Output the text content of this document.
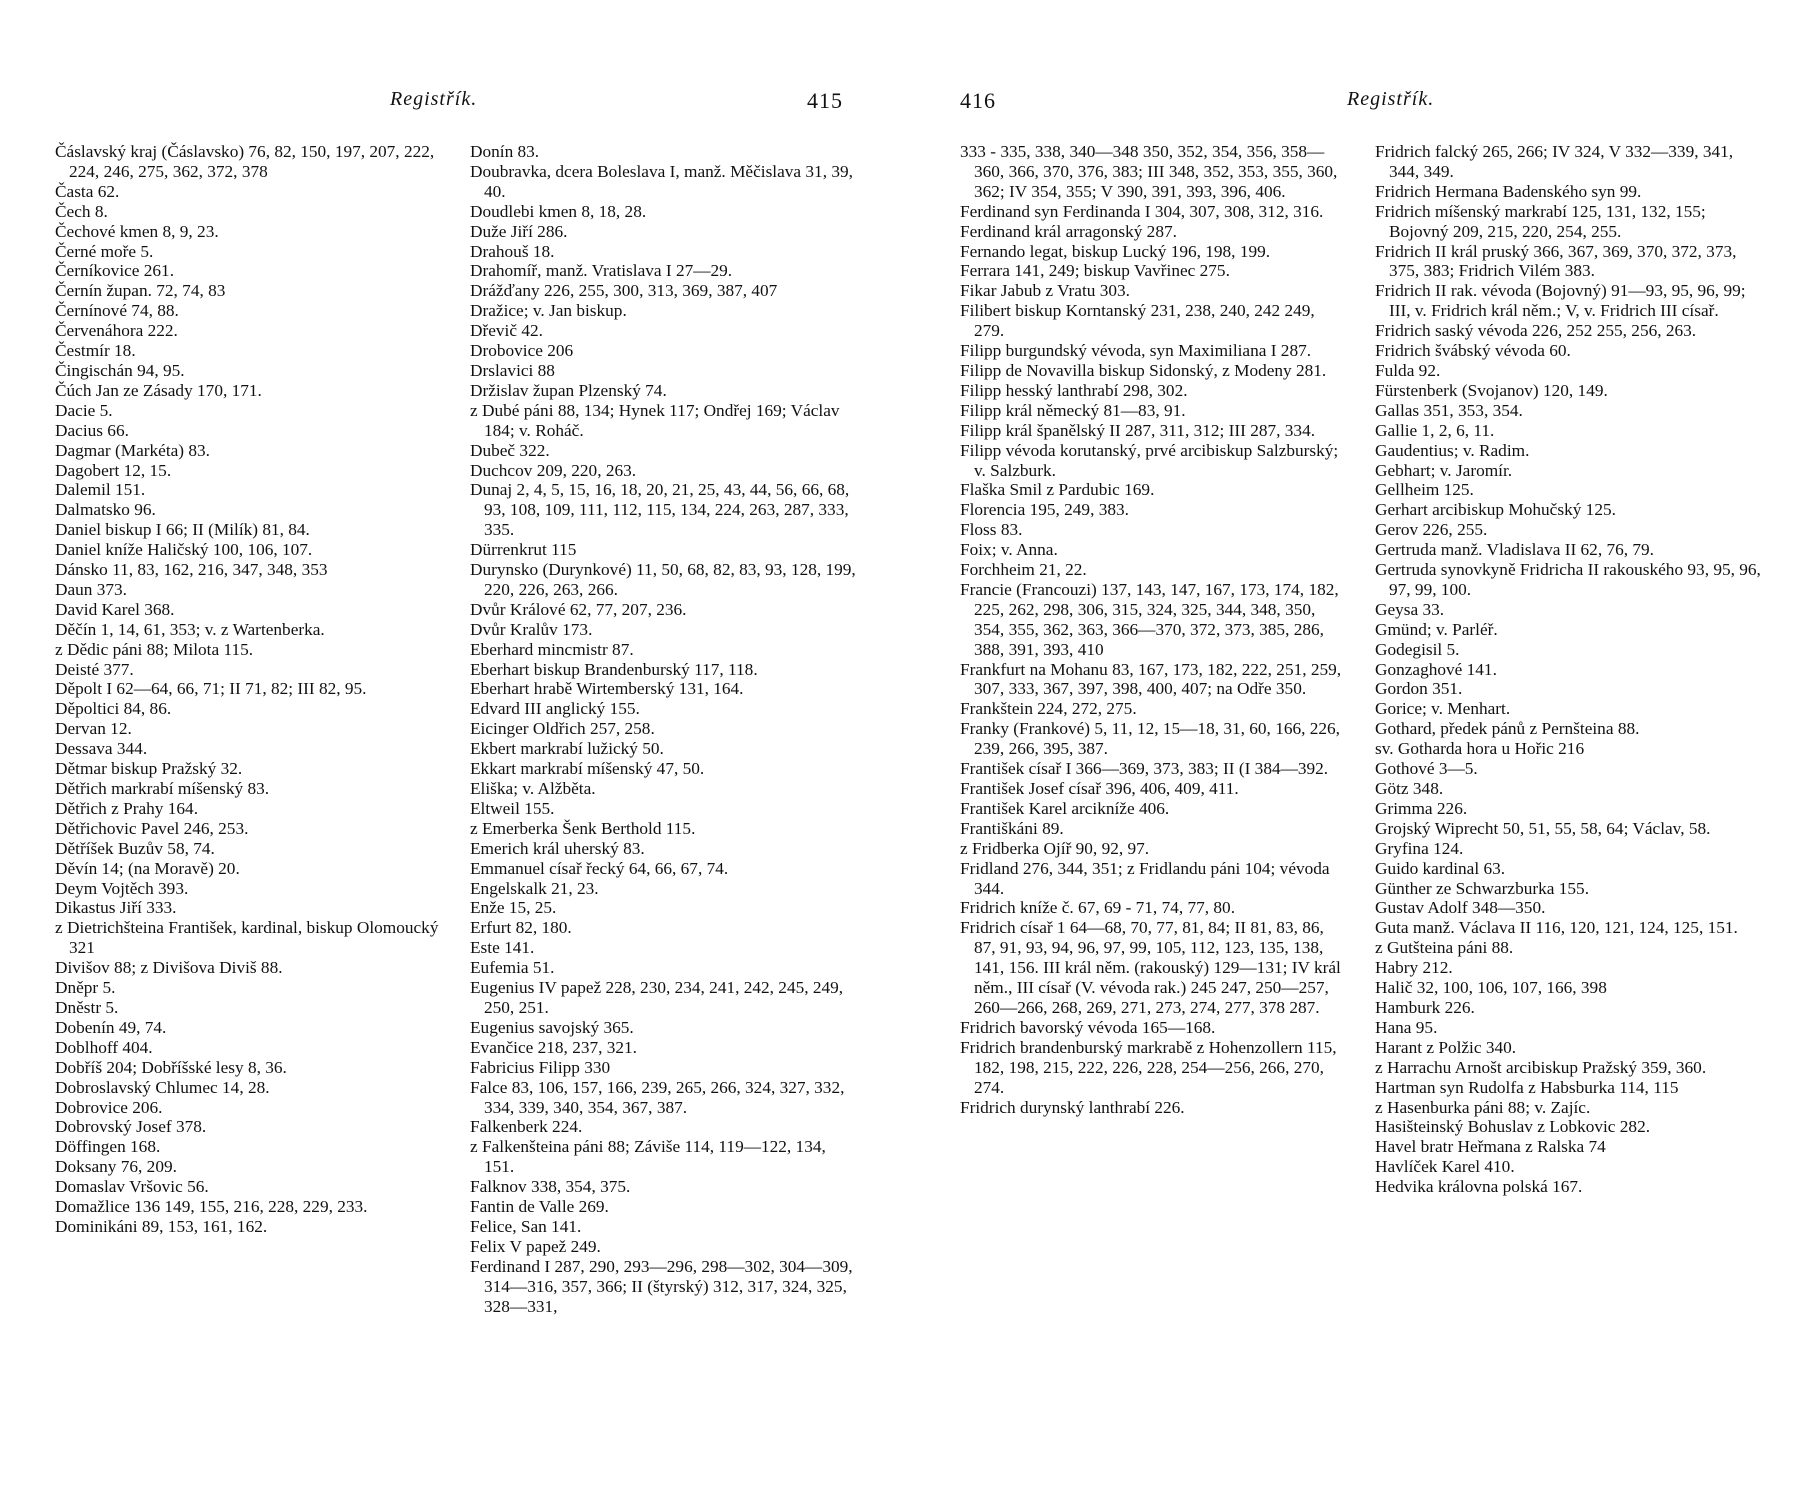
Registřík.	415
Čáslavský kraj (Čáslavsko) 76, 82, 150, 197, 207, 222, 224, 246, 275, 362, 372, 378
Časta 62.
Čech 8.
Čechové kmen 8, 9, 23.
Černé moře 5.
Černíkovice 261.
Černín župan. 72, 74, 83
Černínové 74, 88.
Červenáhora 222.
Čestmír 18.
Čingischán 94, 95.
Čúch Jan ze Zásady 170, 171.
Dacie 5.
Dacius 66.
Dagmar (Markéta) 83.
Dagobert 12, 15.
Dalemil 151.
Dalmatsko 96.
Daniel biskup I 66; II (Milík) 81, 84.
Daniel kníže Haličský 100, 106, 107.
Dánsko 11, 83, 162, 216, 347, 348, 353
Daun 373.
David Karel 368.
Děčín 1, 14, 61, 353; v. z Wartenberka.
z Dědic páni 88; Milota 115.
Deisté 377.
Děpolt I 62—64, 66, 71; II 71, 82; III 82, 95.
Děpoltici 84, 86.
Dervan 12.
Dessava 344.
Dětmar biskup Pražský 32.
Dětřich markrabí míšenský 83.
Dětřich z Prahy 164.
Dětřichovic Pavel 246, 253.
Dětříšek Buzův 58, 74.
Děvín 14; (na Moravě) 20.
Deym Vojtěch 393.
Dikastus Jiří 333.
z Dietrichšteina František, kardinal, biskup Olomoucký 321
Divišov 88; z Divišova Diviš 88.
Dněpr 5.
Dněstr 5.
Dobenín 49, 74.
Doblhoff 404.
Dobříš 204; Dobříšské lesy 8, 36.
Dobroslavský Chlumec 14, 28.
Dobrovice 206.
Dobrovský Josef 378.
Döffingen 168.
Doksany 76, 209.
Domaslav Vršovic 56.
Domažlice 136 149, 155, 216, 228, 229, 233.
Dominikáni 89, 153, 161, 162.
Donín 83.
Doubravka, dcera Boleslava I, manž. Měčislava 31, 39, 40.
Doudlebi kmen 8, 18, 28.
Duže Jiří 286.
Drahouš 18.
Drahomíř, manž. Vratislava I 27—29.
Drážďany 226, 255, 300, 313, 369, 387, 407
Dražice; v. Jan biskup.
Dřevič 42.
Drobovice 206
Drslavici 88
Držislav župan Plzenský 74.
z Dubé páni 88, 134; Hynek 117; Ondřej 169; Václav 184; v. Roháč.
Dubeč 322.
Duchcov 209, 220, 263.
Dunaj 2, 4, 5, 15, 16, 18, 20, 21, 25, 43, 44, 56, 66, 68, 93, 108, 109, 111, 112, 115, 134, 224, 263, 287, 333, 335.
Dürrenkrut 115
Durynsko (Durynkové) 11, 50, 68, 82, 83, 93, 128, 199, 220, 226, 263, 266.
Dvůr Králové 62, 77, 207, 236.
Dvůr Kralův 173.
Eberhard mincmistr 87.
Eberhart biskup Brandenburský 117, 118.
Eberhart hrabě Wirtemberský 131, 164.
Edvard III anglický 155.
Eicinger Oldřich 257, 258.
Ekbert markrabí lužický 50.
Ekkart markrabí míšenský 47, 50.
Eliška; v. Alžběta.
Eltweil 155.
z Emerberka Šenk Berthold 115.
Emerich král uherský 83.
Emmanuel císař řecký 64, 66, 67, 74.
Engelskalk 21, 23.
Enže 15, 25.
Erfurt 82, 180.
Este 141.
Eufemia 51.
Eugenius IV papež 228, 230, 234, 241, 242, 245, 249, 250, 251.
Eugenius savojský 365.
Evančice 218, 237, 321.
Fabricius Filipp 330
Falce 83, 106, 157, 166, 239, 265, 266, 324, 327, 332, 334, 339, 340, 354, 367, 387.
Falkenberk 224.
z Falkenšteina páni 88; Záviše 114, 119—122, 134, 151.
Falknov 338, 354, 375.
Fantin de Valle 269.
Felice, San 141.
Felix V papež 249.
Ferdinand I 287, 290, 293—296, 298—302, 304—309, 314—316, 357, 366; II (štyrský) 312, 317, 324, 325, 328—331,
416	Registřík.
333 - 335, 338, 340—348 350, 352, 354, 356, 358—360, 366, 370, 376, 383; III 348, 352, 353, 355, 360, 362; IV 354, 355; V 390, 391, 393, 396, 406.
Ferdinand syn Ferdinanda I 304, 307, 308, 312, 316.
Ferdinand král arragonský 287.
Fernando legat, biskup Lucký 196, 198, 199.
Ferrara 141, 249; biskup Vavřinec 275.
Fikar Jabub z Vratu 303.
Filibert biskup Korntanský 231, 238, 240, 242 249, 279.
Filipp burgundský vévoda, syn Maximiliana I 287.
Filipp de Novavilla biskup Sidonský, z Modeny 281.
Filipp hesský lanthrabí 298, 302.
Filipp král německý 81—83, 91.
Filipp král španělský II 287, 311, 312; III 287, 334.
Filipp vévoda korutanský, prvé arcibiskup Salzburský; v. Salzburk.
Flaška Smil z Pardubic 169.
Florencia 195, 249, 383.
Floss 83.
Foix; v. Anna.
Forchheim 21, 22.
Francie (Francouzi) 137, 143, 147, 167, 173, 174, 182, 225, 262, 298, 306, 315, 324, 325, 344, 348, 350, 354, 355, 362, 363, 366—370, 372, 373, 385, 286, 388, 391, 393, 410
Frankfurt na Mohanu 83, 167, 173, 182, 222, 251, 259, 307, 333, 367, 397, 398, 400, 407; na Odře 350.
Frankštein 224, 272, 275.
Franky (Frankové) 5, 11, 12, 15—18, 31, 60, 166, 226, 239, 266, 395, 387.
František císař I 366—369, 373, 383; II (I 384—392.
František Josef císař 396, 406, 409, 411.
František Karel arcikníže 406.
Františkáni 89.
z Fridberka Ojíř 90, 92, 97.
Fridland 276, 344, 351; z Fridlandu páni 104; vévoda 344.
Fridrich kníže č. 67, 69 - 71, 74, 77, 80.
Fridrich císař 1 64—68, 70, 77, 81, 84; II 81, 83, 86, 87, 91, 93, 94, 96, 97, 99, 105, 112, 123, 135, 138, 141, 156. III král něm. (rakouský) 129—131; IV král něm., III císař (V. vévoda rak.) 245 247, 250—257, 260—266, 268, 269, 271, 273, 274, 277, 378 287.
Fridrich bavorský vévoda 165—168.
Fridrich brandenburský markrabě z Hohenzollern 115, 182, 198, 215, 222, 226, 228, 254—256, 266, 270, 274.
Fridrich durynský lanthrabí 226.
Fridrich falcký 265, 266; IV 324, V 332—339, 341, 344, 349.
Fridrich Hermana Badenského syn 99.
Fridrich míšenský markrabí 125, 131, 132, 155; Bojovný 209, 215, 220, 254, 255.
Fridrich II král pruský 366, 367, 369, 370, 372, 373, 375, 383; Fridrich Vilém 383.
Fridrich II rak. vévoda (Bojovný) 91—93, 95, 96, 99; III, v. Fridrich král něm.; V, v. Fridrich III císař.
Fridrich saský vévoda 226, 252 255, 256, 263.
Fridrich švábský vévoda 60.
Fulda 92.
Fürstenberk (Svojanov) 120, 149.
Gallas 351, 353, 354.
Gallie 1, 2, 6, 11.
Gaudentius; v. Radim.
Gebhart; v. Jaromír.
Gellheim 125.
Gerhart arcibiskup Mohučský 125.
Gerov 226, 255.
Gertruda manž. Vladislava II 62, 76, 79.
Gertruda synovkyně Fridricha II rakouského 93, 95, 96, 97, 99, 100.
Geysa 33.
Gmünd; v. Parléř.
Godegisil 5.
Gonzaghové 141.
Gordon 351.
Gorice; v. Menhart.
Gothard, předek pánů z Pernšteina 88.
sv. Gotharda hora u Hořic 216
Gothové 3—5.
Götz 348.
Grimma 226.
Grojský Wiprecht 50, 51, 55, 58, 64; Václav, 58.
Gryfina 124.
Guido kardinal 63.
Günther ze Schwarzburka 155.
Gustav Adolf 348—350.
Guta manž. Václava II 116, 120, 121, 124, 125, 151.
z Gutšteina páni 88.
Habry 212.
Halič 32, 100, 106, 107, 166, 398
Hamburk 226.
Hana 95.
Harant z Polžic 340.
z Harrachu Arnošt arcibiskup Pražský 359, 360.
Hartman syn Rudolfa z Habsburka 114, 115
z Hasenburka páni 88; v. Zajíc.
Hasišteinský Bohuslav z Lobkovic 282.
Havel bratr Heřmana z Ralska 74
Havlíček Karel 410.
Hedvika královna polská 167.
